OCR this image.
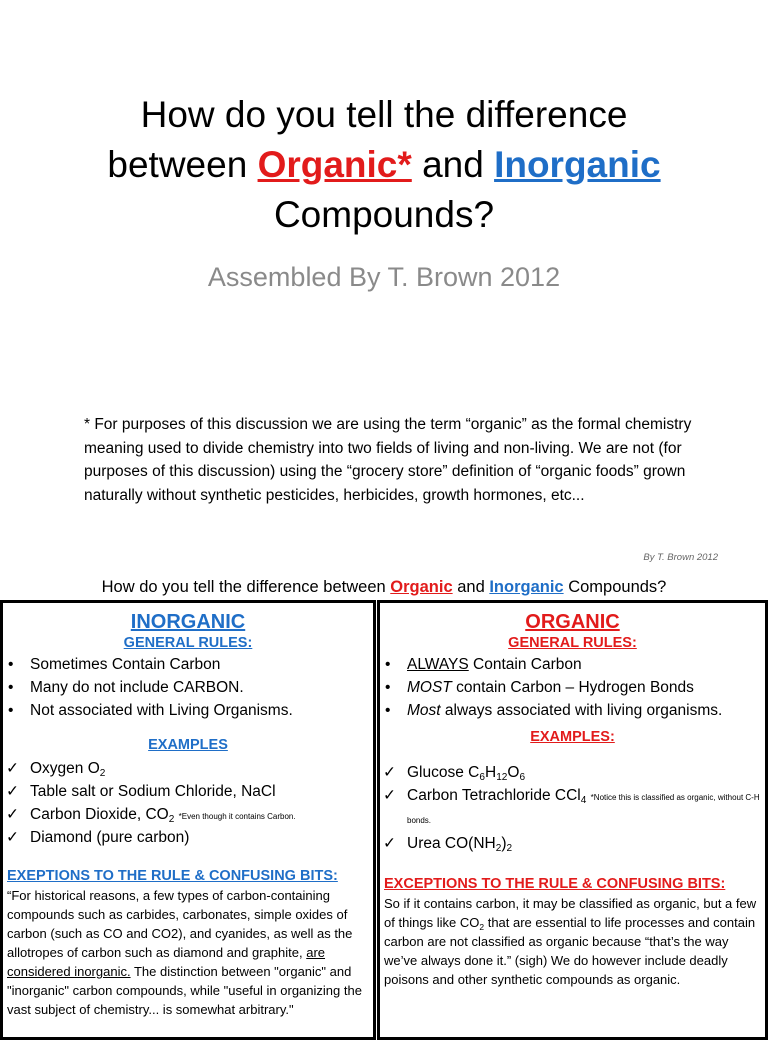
How do you tell the difference
between Organic* and Inorganic
Compounds?
Assembled By T. Brown 2012
* For purposes of this discussion we are using the term “organic” as the formal chemistry meaning used to divide chemistry into two fields of living and non-living. We are not (for purposes of this discussion) using the “grocery store” definition of “organic foods” grown naturally without synthetic pesticides, herbicides, growth hormones, etc...
By T. Brown 2012
How do you tell the difference between Organic and Inorganic Compounds?
INORGANIC
GENERAL RULES:
• Sometimes Contain Carbon
• Many do not include CARBON.
• Not associated with Living Organisms.
EXAMPLES
✓ Oxygen $O_2$
✓ Table salt or Sodium Chloride, NaCl
✓ Carbon Dioxide, $CO_2$ *Even though it contains Carbon.
✓ Diamond (pure carbon)
EXEPTIONS TO THE RULE & CONFUSING BITS:
“For historical reasons, a few types of carbon-containing compounds such as carbides, carbonates, simple oxides of carbon (such as CO and CO2), and cyanides, as well as the allotropes of carbon such as diamond and graphite, are considered inorganic. The distinction between "organic" and "inorganic" carbon compounds, while "useful in organizing the vast subject of chemistry... is somewhat arbitrary."
ORGANIC
GENERAL RULES:
• ALWAYS Contain Carbon
• MOST contain Carbon – Hydrogen Bonds
• Most always associated with living organisms.
EXAMPLES:
✓ Glucose $C_6H_{12}O_6$
✓ Carbon Tetrachloride CCl$_4$ *Notice this is classified as organic, without C-H bonds.
✓ Urea $CO(NH_2)_2$
EXCEPTIONS TO THE RULE & CONFUSING BITS:
So if it contains carbon, it may be classified as organic, but a few of things like $CO_2$ that are essential to life processes and contain carbon are not classified as organic because “that’s the way we’ve always done it.” (sigh) We do however include deadly poisons and other synthetic compounds as organic.
